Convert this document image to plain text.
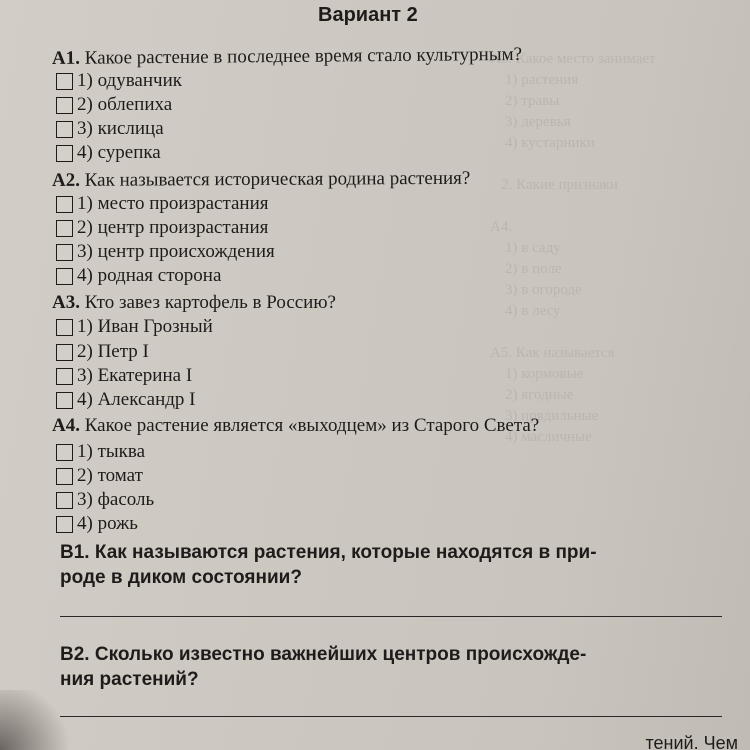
А3. Какое место занимает
1) растения
2) травы
3) деревья
4) кустарники

2. Какие признаки

А4.
1) в саду
2) в поле
3) в огороде
4) в лесу

А5. Как называется
1) кормовые
2) ягодные
3) прядильные
4) масличные

Вариант 2
A1. Какое растение в последнее время стало культурным?
1) одуванчик
2) облепиха
3) кислица
4) сурепка
А2. Как называется историческая родина растения?
1) место произрастания
2) центр произрастания
3) центр происхождения
4) родная сторона
А3. Кто завез картофель в Россию?
1) Иван Грозный
2) Петр I
3) Екатерина I
4) Александр I
А4. Какое растение является «выходцем» из Старого Света?
1) тыква
2) томат
3) фасоль
4) рожь
В1. Как называются растения, которые находятся в при-
роде в диком состоянии?
В2. Сколько известно важнейших центров происхожде-
ния растений?
тений. Чем
